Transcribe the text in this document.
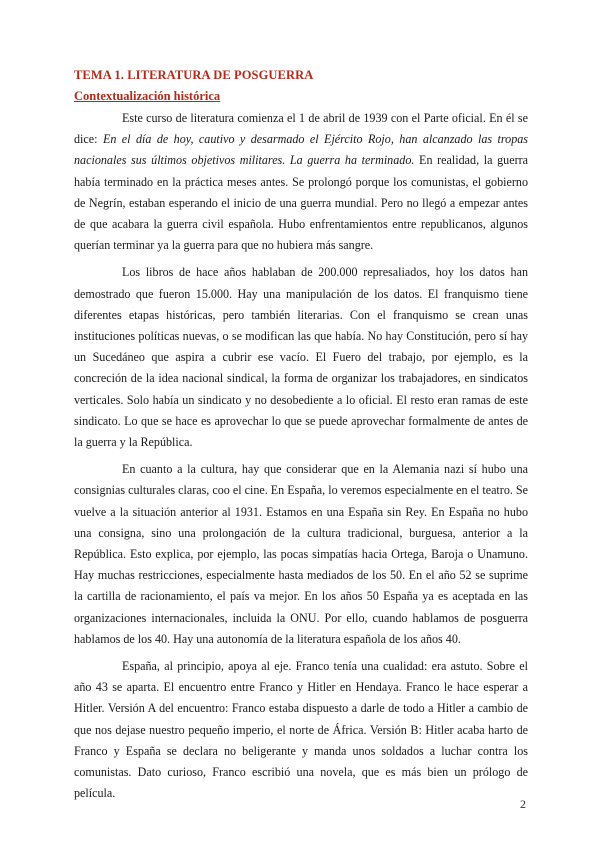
TEMA 1. LITERATURA DE POSGUERRA
Contextualización histórica

Este curso de literatura comienza el 1 de abril de 1939 con el Parte oficial. En él se dice: En el día de hoy, cautivo y desarmado el Ejército Rojo, han alcanzado las tropas nacionales sus últimos objetivos militares. La guerra ha terminado. En realidad, la guerra había terminado en la práctica meses antes. Se prolongó porque los comunistas, el gobierno de Negrín, estaban esperando el inicio de una guerra mundial. Pero no llegó a empezar antes de que acabara la guerra civil española. Hubo enfrentamientos entre republicanos, algunos querían terminar ya la guerra para que no hubiera más sangre.

Los libros de hace años hablaban de 200.000 represaliados, hoy los datos han demostrado que fueron 15.000. Hay una manipulación de los datos. El franquismo tiene diferentes etapas históricas, pero también literarias. Con el franquismo se crean unas instituciones políticas nuevas, o se modifican las que había. No hay Constitución, pero sí hay un Sucedáneo que aspira a cubrir ese vacío. El Fuero del trabajo, por ejemplo, es la concreción de la idea nacional sindical, la forma de organizar los trabajadores, en sindicatos verticales. Solo había un sindicato y no desobediente a lo oficial. El resto eran ramas de este sindicato. Lo que se hace es aprovechar lo que se puede aprovechar formalmente de antes de la guerra y la República.

En cuanto a la cultura, hay que considerar que en la Alemania nazi sí hubo una consignias culturales claras, coo el cine. En España, lo veremos especialmente en el teatro. Se vuelve a la situación anterior al 1931. Estamos en una España sin Rey. En España no hubo una consigna, sino una prolongación de la cultura tradicional, burguesa, anterior a la República. Esto explica, por ejemplo, las pocas simpatías hacia Ortega, Baroja o Unamuno. Hay muchas restricciones, especialmente hasta mediados de los 50. En el año 52 se suprime la cartilla de racionamiento, el país va mejor. En los años 50 España ya es aceptada en las organizaciones internacionales, incluida la ONU. Por ello, cuando hablamos de posguerra hablamos de los 40. Hay una autonomía de la literatura española de los años 40.

España, al principio, apoya al eje. Franco tenía una cualidad: era astuto. Sobre el año 43 se aparta. El encuentro entre Franco y Hitler en Hendaya. Franco le hace esperar a Hitler. Versión A del encuentro: Franco estaba dispuesto a darle de todo a Hitler a cambio de que nos dejase nuestro pequeño imperio, el norte de África. Versión B: Hitler acaba harto de Franco y España se declara no beligerante y manda unos soldados a luchar contra los comunistas. Dato curioso, Franco escribió una novela, que es más bien un prólogo de película.

2
